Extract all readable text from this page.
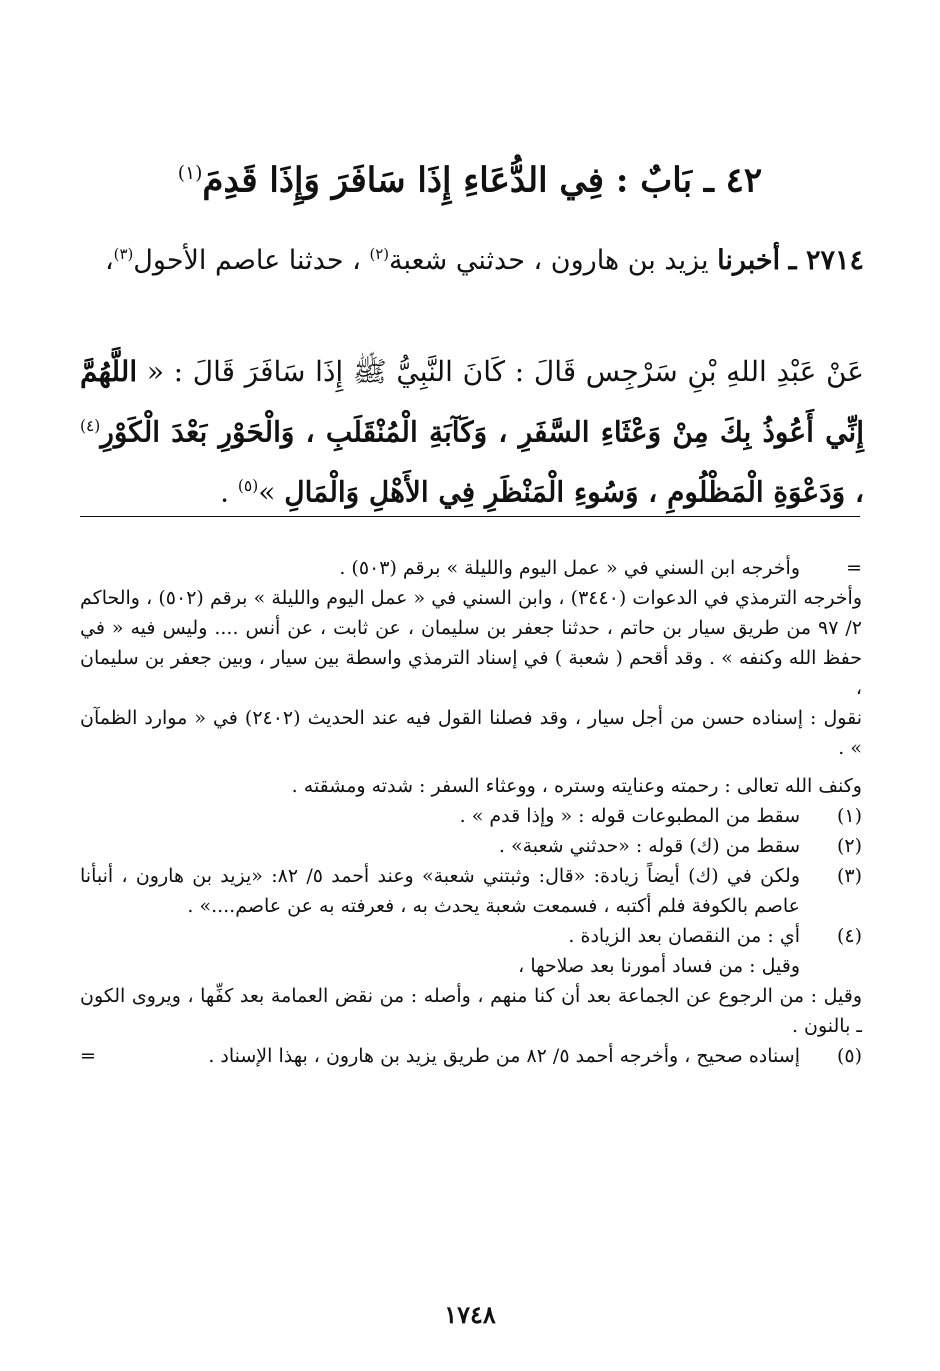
٤٢ ـ بَابٌ : فِي الدُّعَاءِ إِذَا سَافَرَ وَإِذَا قَدِمَ$^{(١)}$
٢٧١٤ ـ أخبرنا يزيد بن هارون ، حدثني شعبة$^{(٢)}$ ، حدثنا عاصم الأحول$^{(٣)}$،
عَنْ عَبْدِ اللهِ بْنِ سَرْجِس قَالَ : كَانَ النَّبِيُّ ﷺ إِذَا سَافَرَ قَالَ : « اللَّهُمَّ إِنِّي أَعُوذُ بِكَ مِنْ وَعْثَاءِ السَّفَرِ ، وَكَآبَةِ الْمُنْقَلَبِ ، وَالْحَوْرِ بَعْدَ الْكَوْرِ$^{(٤)}$ ، وَدَعْوَةِ الْمَظْلُومِ ، وَسُوءِ الْمَنْظَرِ فِي الأَهْلِ وَالْمَالِ »$^{(٥)}$ .
=
وأخرجه ابن السني في « عمل اليوم والليلة » برقم (٥٠٣) .
وأخرجه الترمذي في الدعوات (٣٤٤٠) ، وابن السني في « عمل اليوم والليلة » برقم (٥٠٢) ، والحاكم ٢/ ٩٧ من طريق سيار بن حاتم ، حدثنا جعفر بن سليمان ، عن ثابت ، عن أنس .... وليس فيه « في حفظ الله وكنفه » . وقد أقحم ( شعبة ) في إسناد الترمذي واسطة بين سيار ، وبين جعفر بن سليمان ،
نقول : إسناده حسن من أجل سيار ، وقد فصلنا القول فيه عند الحديث (٢٤٠٢) في « موارد الظمآن » .
وكنف الله تعالى : رحمته وعنايته وستره ، ووعثاء السفر : شدته ومشقته .
(١)
سقط من المطبوعات قوله : « وإذا قدم » .
(٢)
سقط من (ك) قوله : «حدثني شعبة» .
(٣)
ولكن في (ك) أيضاً زيادة: «قال: وثبتني شعبة» وعند أحمد ٥/ ٨٢: «يزيد بن هارون ، أنبأنا عاصم بالكوفة فلم أكتبه ، فسمعت شعبة يحدث به ، فعرفته به عن عاصم....» .
(٤)
أي : من النقصان بعد الزيادة .
وقيل : من فساد أمورنا بعد صلاحها ،
وقيل : من الرجوع عن الجماعة بعد أن كنا منهم ، وأصله : من نقض العمامة بعد كفِّها ، ويروى الكون ـ بالنون .
(٥)
إسناده صحيح ، وأخرجه أحمد ٥/ ٨٢ من طريق يزيد بن هارون ، بهذا الإسناد .
=
١٧٤٨
